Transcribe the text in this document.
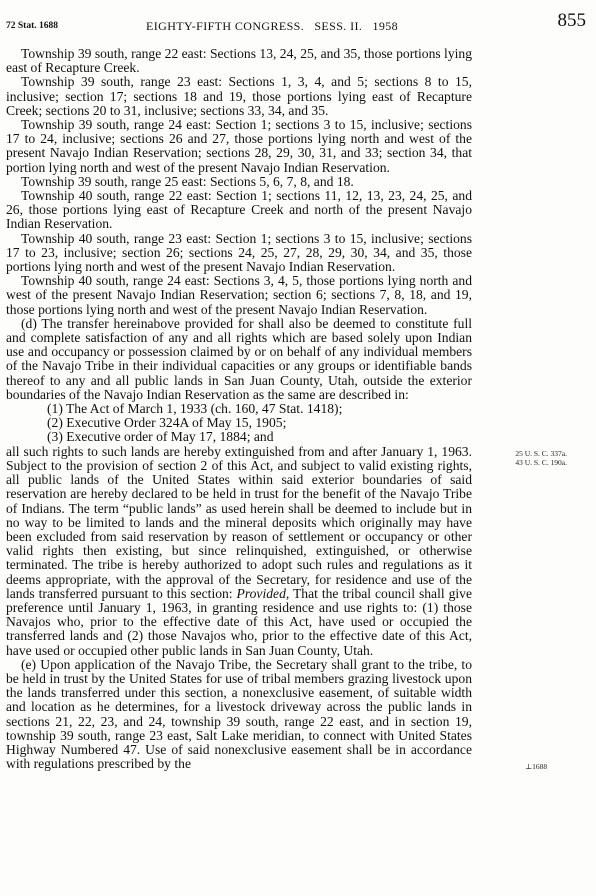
72 Stat. 1688	EIGHTY-FIFTH CONGRESS.   SESS. II.   1958	855

Township 39 south, range 22 east: Sections 13, 24, 25, and 35, those portions lying east of Recapture Creek.

Township 39 south, range 23 east: Sections 1, 3, 4, and 5; sections 8 to 15, inclusive; section 17; sections 18 and 19, those portions lying east of Recapture Creek; sections 20 to 31, inclusive; sections 33, 34, and 35.

Township 39 south, range 24 east: Section 1; sections 3 to 15, inclusive; sections 17 to 24, inclusive; sections 26 and 27, those portions lying north and west of the present Navajo Indian Reservation; sections 28, 29, 30, 31, and 33; section 34, that portion lying north and west of the present Navajo Indian Reservation.

Township 39 south, range 25 east: Sections 5, 6, 7, 8, and 18.

Township 40 south, range 22 east: Section 1; sections 11, 12, 13, 23, 24, 25, and 26, those portions lying east of Recapture Creek and north of the present Navajo Indian Reservation.

Township 40 south, range 23 east: Section 1; sections 3 to 15, inclusive; sections 17 to 23, inclusive; section 26; sections 24, 25, 27, 28, 29, 30, 34, and 35, those portions lying north and west of the present Navajo Indian Reservation.

Township 40 south, range 24 east: Sections 3, 4, 5, those portions lying north and west of the present Navajo Indian Reservation; section 6; sections 7, 8, 18, and 19, those portions lying north and west of the present Navajo Indian Reservation.

(d) The transfer hereinabove provided for shall also be deemed to constitute full and complete satisfaction of any and all rights which are based solely upon Indian use and occupancy or possession claimed by or on behalf of any individual members of the Navajo Tribe in their individual capacities or any groups or identifiable bands thereof to any and all public lands in San Juan County, Utah, outside the exterior boundaries of the Navajo Indian Reservation as the same are described in:

(1) The Act of March 1, 1933 (ch. 160, 47 Stat. 1418);

(2) Executive Order 324A of May 15, 1905;

(3) Executive order of May 17, 1884; and

all such rights to such lands are hereby extinguished from and after January 1, 1963. Subject to the provision of section 2 of this Act, and subject to valid existing rights, all public lands of the United States within said exterior boundaries of said reservation are hereby declared to be held in trust for the benefit of the Navajo Tribe of Indians. The term “public lands” as used herein shall be deemed to include but in no way to be limited to lands and the mineral deposits which originally may have been excluded from said reservation by reason of settlement or occupancy or other valid rights then existing, but since relinquished, extinguished, or otherwise terminated. The tribe is hereby authorized to adopt such rules and regulations as it deems appropriate, with the approval of the Secretary, for residence and use of the lands transferred pursuant to this section: Provided, That the tribal council shall give preference until January 1, 1963, in granting residence and use rights to: (1) those Navajos who, prior to the effective date of this Act, have used or occupied the transferred lands and (2) those Navajos who, prior to the effective date of this Act, have used or occupied other public lands in San Juan County, Utah.

(e) Upon application of the Navajo Tribe, the Secretary shall grant to the tribe, to be held in trust by the United States for use of tribal members grazing livestock upon the lands transferred under this section, a nonexclusive easement, of suitable width and location as he determines, for a livestock driveway across the public lands in sections 21, 22, 23, and 24, township 39 south, range 22 east, and in section 19, township 39 south, range 23 east, Salt Lake meridian, to connect with United States Highway Numbered 47. Use of said nonexclusive easement shall be in accordance with regulations prescribed by the

25 U. S. C. 337a.
43 U. S. C. 190a.
⊥1688
